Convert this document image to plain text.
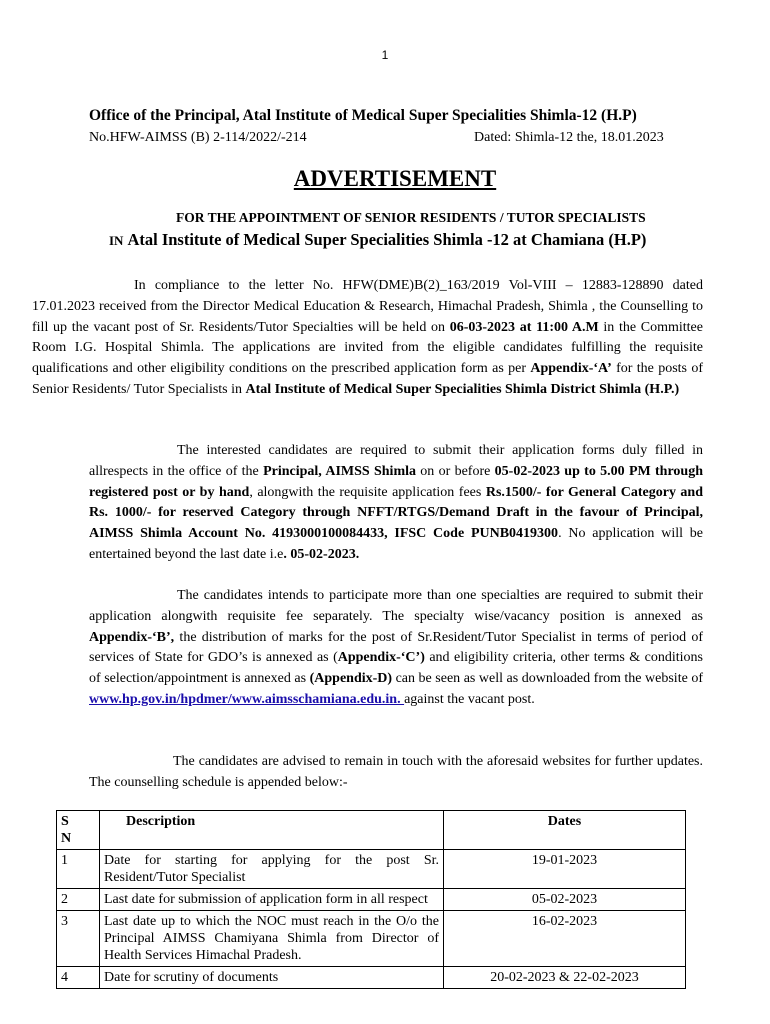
1
Office of the Principal, Atal Institute of Medical Super Specialities Shimla-12 (H.P)
No.HFW-AIMSS (B) 2-114/2022/-214	Dated: Shimla-12 the, 18.01.2023
ADVERTISEMENT
FOR THE APPOINTMENT OF SENIOR RESIDENTS / TUTOR SPECIALISTS
IN Atal Institute of Medical Super Specialities Shimla -12 at Chamiana (H.P)
In compliance to the letter No. HFW(DME)B(2)_163/2019 Vol-VIII – 12883-128890 dated 17.01.2023 received from the Director Medical Education & Research, Himachal Pradesh, Shimla , the Counselling to fill up the vacant post of Sr. Residents/Tutor Specialties will be held on 06-03-2023 at 11:00 A.M in the Committee Room I.G. Hospital Shimla. The applications are invited from the eligible candidates fulfilling the requisite qualifications and other eligibility conditions on the prescribed application form as per Appendix-‘A’ for the posts of Senior Residents/ Tutor Specialists in Atal Institute of Medical Super Specialities Shimla District Shimla (H.P.)
The interested candidates are required to submit their application forms duly filled in allrespects in the office of the Principal, AIMSS Shimla on or before 05-02-2023 up to 5.00 PM through registered post or by hand, alongwith the requisite application fees Rs.1500/- for General Category and Rs. 1000/- for reserved Category through NFFT/RTGS/Demand Draft in the favour of Principal, AIMSS Shimla Account No. 4193000100084433, IFSC Code PUNB0419300. No application will be entertained beyond the last date i.e. 05-02-2023.
The candidates intends to participate more than one specialties are required to submit their application alongwith requisite fee separately. The specialty wise/vacancy position is annexed as Appendix-‘B’, the distribution of marks for the post of Sr.Resident/Tutor Specialist in terms of period of services of State for GDO’s is annexed as (Appendix-‘C’) and eligibility criteria, other terms & conditions of selection/appointment is annexed as (Appendix-D) can be seen as well as downloaded from the website of www.hp.gov.in/hpdmer/www.aimsschamiana.edu.in. against the vacant post.
The candidates are advised to remain in touch with the aforesaid websites for further updates. The counselling schedule is appended below:-
S
N	Description	Dates
1	Date for starting for applying for the post Sr. Resident/Tutor Specialist	19-01-2023
2	Last date for submission of application form in all respect	05-02-2023
3	Last date up to which the NOC must reach in the O/o the Principal AIMSS Chamiyana Shimla from Director of Health Services Himachal Pradesh.	16-02-2023
4	Date for scrutiny of documents	20-02-2023 & 22-02-2023
